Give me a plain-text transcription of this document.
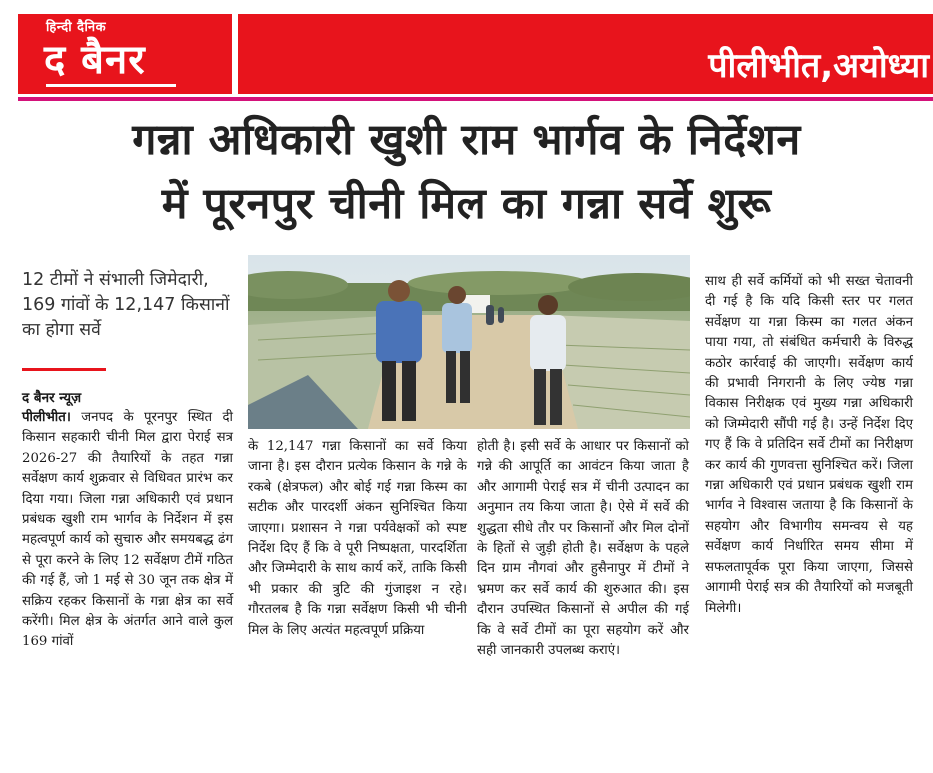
हिन्दी दैनिक
द बैनर	पीलीभीत,अयोध्या
गन्ना अधिकारी खुशी राम भार्गव के निर्देशन
में पूरनपुर चीनी मिल का गन्ना सर्वे शुरू
12 टीमों ने संभाली जिमेदारी,
169 गांवों के 12,147 किसानों
का होगा सर्वे

द बैनर न्यूज़

पीलीभीत। जनपद के पूरनपुर स्थित दी किसान सहकारी चीनी मिल द्वारा पेराई सत्र 2026-27 की तैयारियों के तहत गन्ना सर्वेक्षण कार्य शुक्रवार से विधिवत प्रारंभ कर दिया गया। जिला गन्ना अधिकारी एवं प्रधान प्रबंधक खुशी राम भार्गव के निर्देशन में इस महत्वपूर्ण कार्य को सुचारु और समयबद्ध ढंग से पूरा करने के लिए 12 सर्वेक्षण टीमें गठित की गई हैं, जो 1 मई से 30 जून तक क्षेत्र में सक्रिय रहकर किसानों के गन्ना क्षेत्र का सर्वे करेंगी। मिल क्षेत्र के अंतर्गत आने वाले कुल 169 गांवों

के 12,147 गन्ना किसानों का सर्वे किया जाना है। इस दौरान प्रत्येक किसान के गन्ने के रकबे (क्षेत्रफल) और बोई गई गन्ना किस्म का सटीक और पारदर्शी अंकन सुनिश्चित किया जाएगा। प्रशासन ने गन्ना पर्यवेक्षकों को स्पष्ट निर्देश दिए हैं कि वे पूरी निष्पक्षता, पारदर्शिता और जिम्मेदारी के साथ कार्य करें, ताकि किसी भी प्रकार की त्रुटि की गुंजाइश न रहे। गौरतलब है कि गन्ना सर्वेक्षण किसी भी चीनी मिल के लिए अत्यंत महत्वपूर्ण प्रक्रिया

होती है। इसी सर्वे के आधार पर किसानों को गन्ने की आपूर्ति का आवंटन किया जाता है और आगामी पेराई सत्र में चीनी उत्पादन का अनुमान तय किया जाता है। ऐसे में सर्वे की शुद्धता सीधे तौर पर किसानों और मिल दोनों के हितों से जुड़ी होती है। सर्वेक्षण के पहले दिन ग्राम नौगवां और हुसैनापुर में टीमों ने भ्रमण कर सर्वे कार्य की शुरुआत की। इस दौरान उपस्थित किसानों से अपील की गई कि वे सर्वे टीमों का पूरा सहयोग करें और सही जानकारी उपलब्ध कराएं।

साथ ही सर्वे कर्मियों को भी सख्त चेतावनी दी गई है कि यदि किसी स्तर पर गलत सर्वेक्षण या गन्ना किस्म का गलत अंकन पाया गया, तो संबंधित कर्मचारी के विरुद्ध कठोर कार्रवाई की जाएगी। सर्वेक्षण कार्य की प्रभावी निगरानी के लिए ज्येष्ठ गन्ना विकास निरीक्षक एवं मुख्य गन्ना अधिकारी को जिम्मेदारी सौंपी गई है। उन्हें निर्देश दिए गए हैं कि वे प्रतिदिन सर्वे टीमों का निरीक्षण कर कार्य की गुणवत्ता सुनिश्चित करें। जिला गन्ना अधिकारी एवं प्रधान प्रबंधक खुशी राम भार्गव ने विश्वास जताया है कि किसानों के सहयोग और विभागीय समन्वय से यह सर्वेक्षण कार्य निर्धारित समय सीमा में सफलतापूर्वक पूरा किया जाएगा, जिससे आगामी पेराई सत्र की तैयारियों को मजबूती मिलेगी।
